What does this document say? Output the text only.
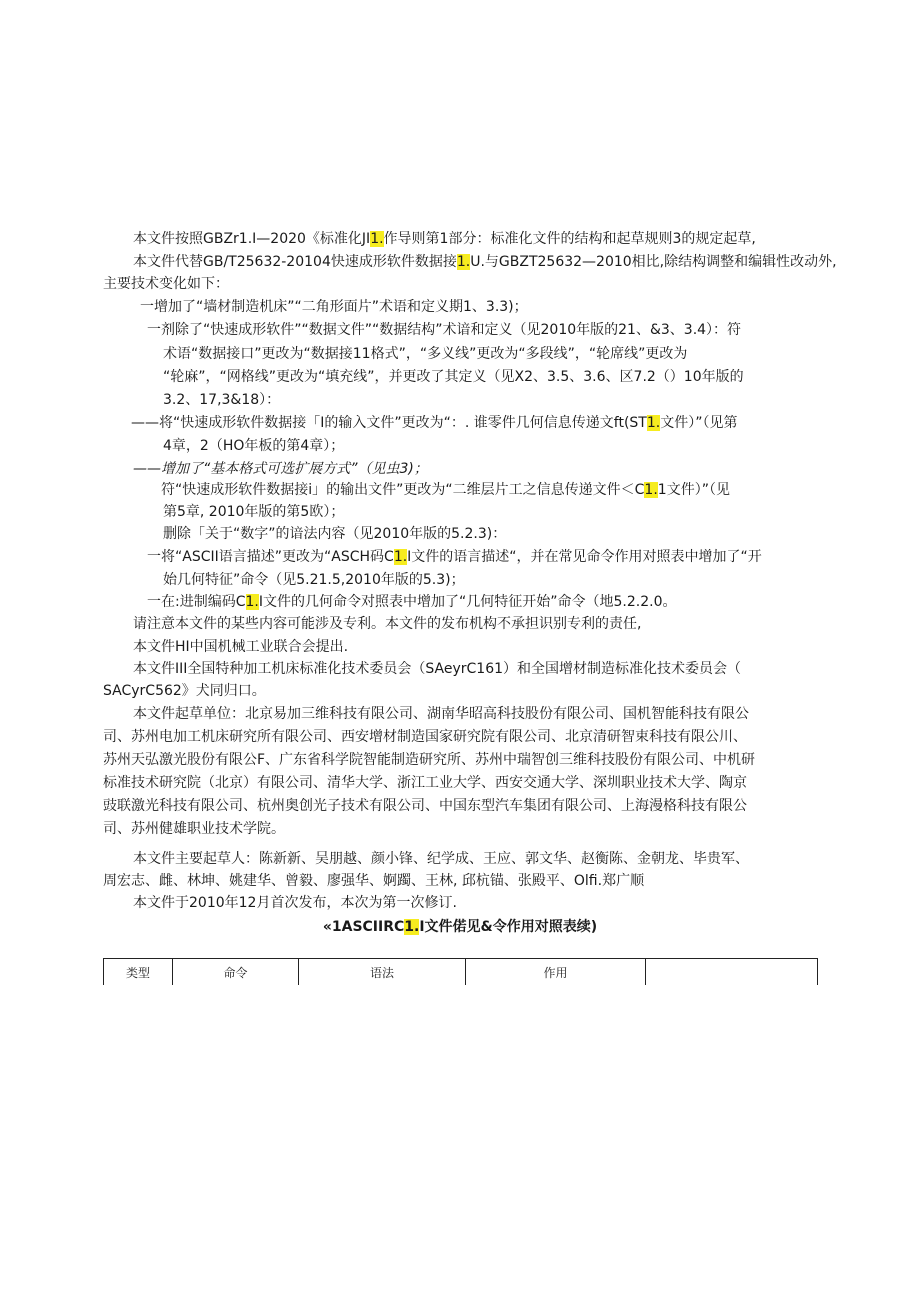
本文件按照GBZr1.I—2020《标准化JI1.作导则第1部分：标准化文件的结构和起草规则3的规定起草,
本文件代替GB/T25632-20104快速成形软件数据接1.U.与GBZT25632—2010相比,除结构调整和编辑性改动外,
主要技术变化如下：
一增加了“墙材制造机床”“二角形面片”术语和定义期1、3.3)；
一剂除了“快速成形软件”“数据文件”“数据结构”术谙和定义（见2010年版的21、&3、3.4）：符
术语“数据接口”更改为“数据接11格式”，“多义线”更改为“多段线”，“轮席线”更改为
“轮麻”，“网格线”更改为“填充线”，并更改了其定义（见X2、3.5、3.6、区7.2（）10年版的
3.2、17,3&18）：
——将“快速成形软件数据接「I的输入文件”更改为“：. 谁零件几何信息传递文ft(ST1.文件）”（见第
4章，2（HO年板的第4章）；
——增加了“基本格式可选扩展方式”（见虫3)；
符“快速成形软件数据接i」的输出文件”更改为“二维层片工之信息传递文件＜C1.1文件）”（见
第5章, 2010年版的第5欧）；
删除「关于“数字”的谙法内容（见2010年版的5.2.3)：
一将“ASCII语言描述”更改为“ASCH码C1.I文件的语言描述“，并在常见命令作用对照表中增加了“开
始几何特征”命令（见5.21.5,2010年版的5.3)；
一在:进制编码C1.I文件的几何命令对照表中增加了“几何特征开始”命令（地5.2.2.0。
请注意本文件的某些内容可能涉及专利。本文件的发布机构不承担识别专利的责任,
本文件HI中国机械工业联合会提出.
本文件III全国特种加工机床标准化技术委员会（SAeyrC161）和全国增材制造标准化技术委员会（
SACyrC562》犬同归口。
本文件起草单位：北京易加三维科技有限公司、湖南华昭高科技股份有限公司、国机智能科技有限公
司、苏州电加工机床研究所有限公司、西安增材制造国家研究院有限公司、北京清研智束科技有限公川、
苏州天弘激光股份有限公F、广东省科学院智能制造研究所、苏州中瑞智创三维科技股份有限公司、中机研
标准技术研究院（北京）有限公司、清华大学、浙江工业大学、西安交通大学、深圳职业技术大学、陶京
豉联激光科技有限公司、杭州奥创光子技术有限公司、中国东型汽车集团有限公司、上海漫格科技有限公
司、苏州健雄职业技术学院。
本文件主要起草人：陈新新、吴朋越、颜小锋、纪学成、王应、郭文华、赵衡陈、金朝龙、毕贵军、
周宏志、雌、林坤、姚建华、曾毅、廖强华、婀躅、王林, 邱杭锚、张殿平、Olfi.郑广顺
本文件于2010年12月首次发布，本次为第一次修订.
«1ASCIIRC1.I文件偌见&令作用对照表续)
类型	命令	语法	作用	
